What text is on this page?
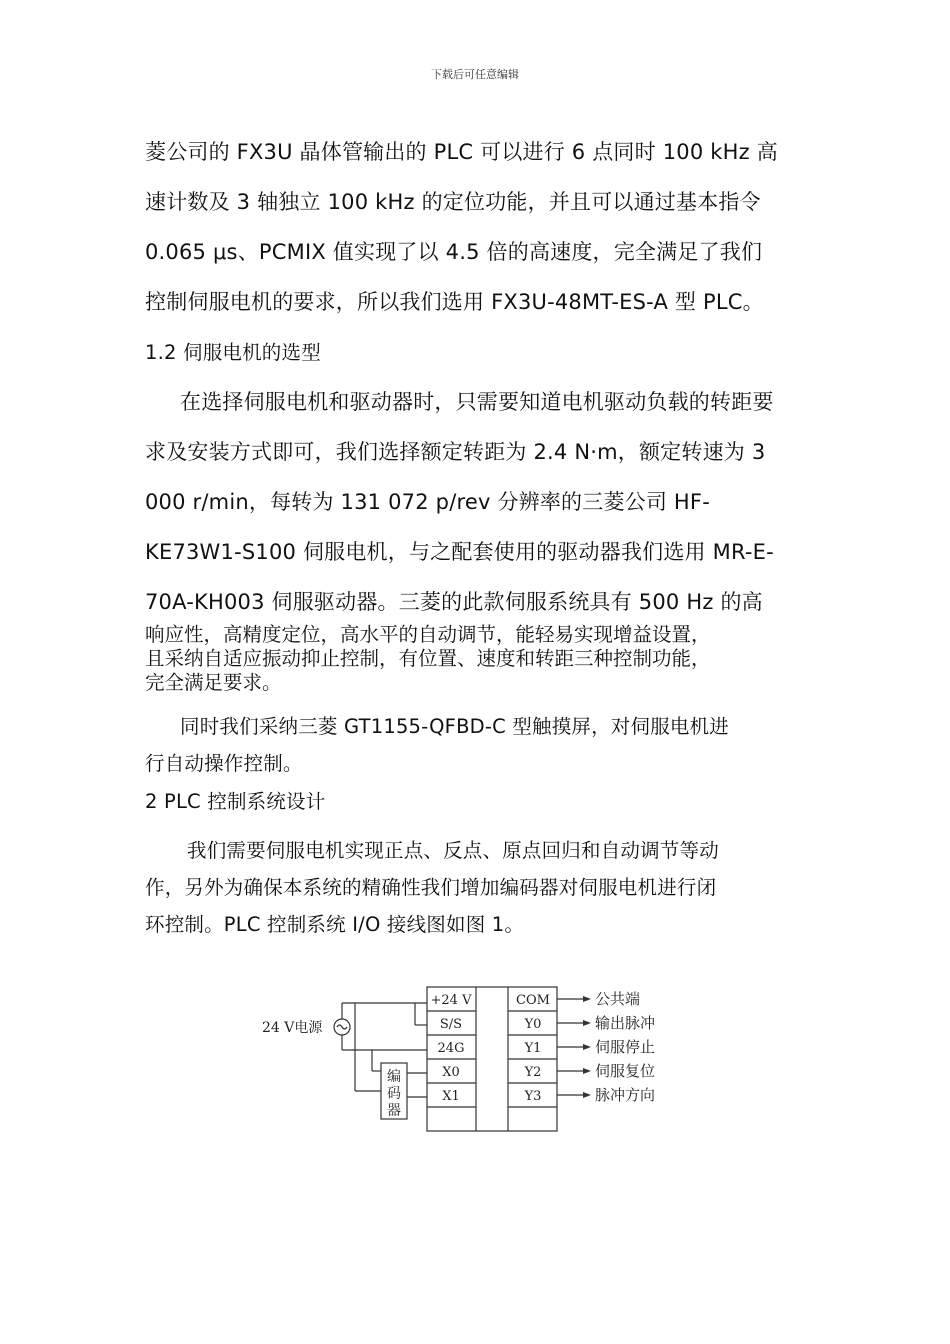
下载后可任意编辑
菱公司的 FX3U 晶体管输出的 PLC 可以进行 6 点同时 100 kHz 高
速计数及 3 轴独立 100 kHz 的定位功能，并且可以通过基本指令
0.065 μs、PCMIX 值实现了以 4.5 倍的高速度，完全满足了我们
控制伺服电机的要求，所以我们选用 FX3U-48MT-ES-A 型 PLC。
1.2 伺服电机的选型
在选择伺服电机和驱动器时，只需要知道电机驱动负载的转距要
求及安装方式即可，我们选择额定转距为 2.4 N·m，额定转速为 3
000 r/min，每转为 131 072 p/rev 分辨率的三菱公司 HF-
KE73W1-S100 伺服电机，与之配套使用的驱动器我们选用 MR-E-
70A-KH003 伺服驱动器。三菱的此款伺服系统具有 500 Hz 的高
响应性，高精度定位，高水平的自动调节，能轻易实现增益设置，
且采纳自适应振动抑止控制，有位置、速度和转距三种控制功能，
完全满足要求。
同时我们采纳三菱 GT1155-QFBD-C 型触摸屏，对伺服电机进
行自动操作控制。
2 PLC 控制系统设计
我们需要伺服电机实现正点、反点、原点回归和自动调节等动
作，另外为确保本系统的精确性我们增加编码器对伺服电机进行闭
环控制。PLC 控制系统 I/O 接线图如图 1。
24 V电源
编
码
器
+24 V
S/S
24G
X0
X1
COM
Y0
Y1
Y2
Y3
公共端
输出脉冲
伺服停止
伺服复位
脉冲方向
